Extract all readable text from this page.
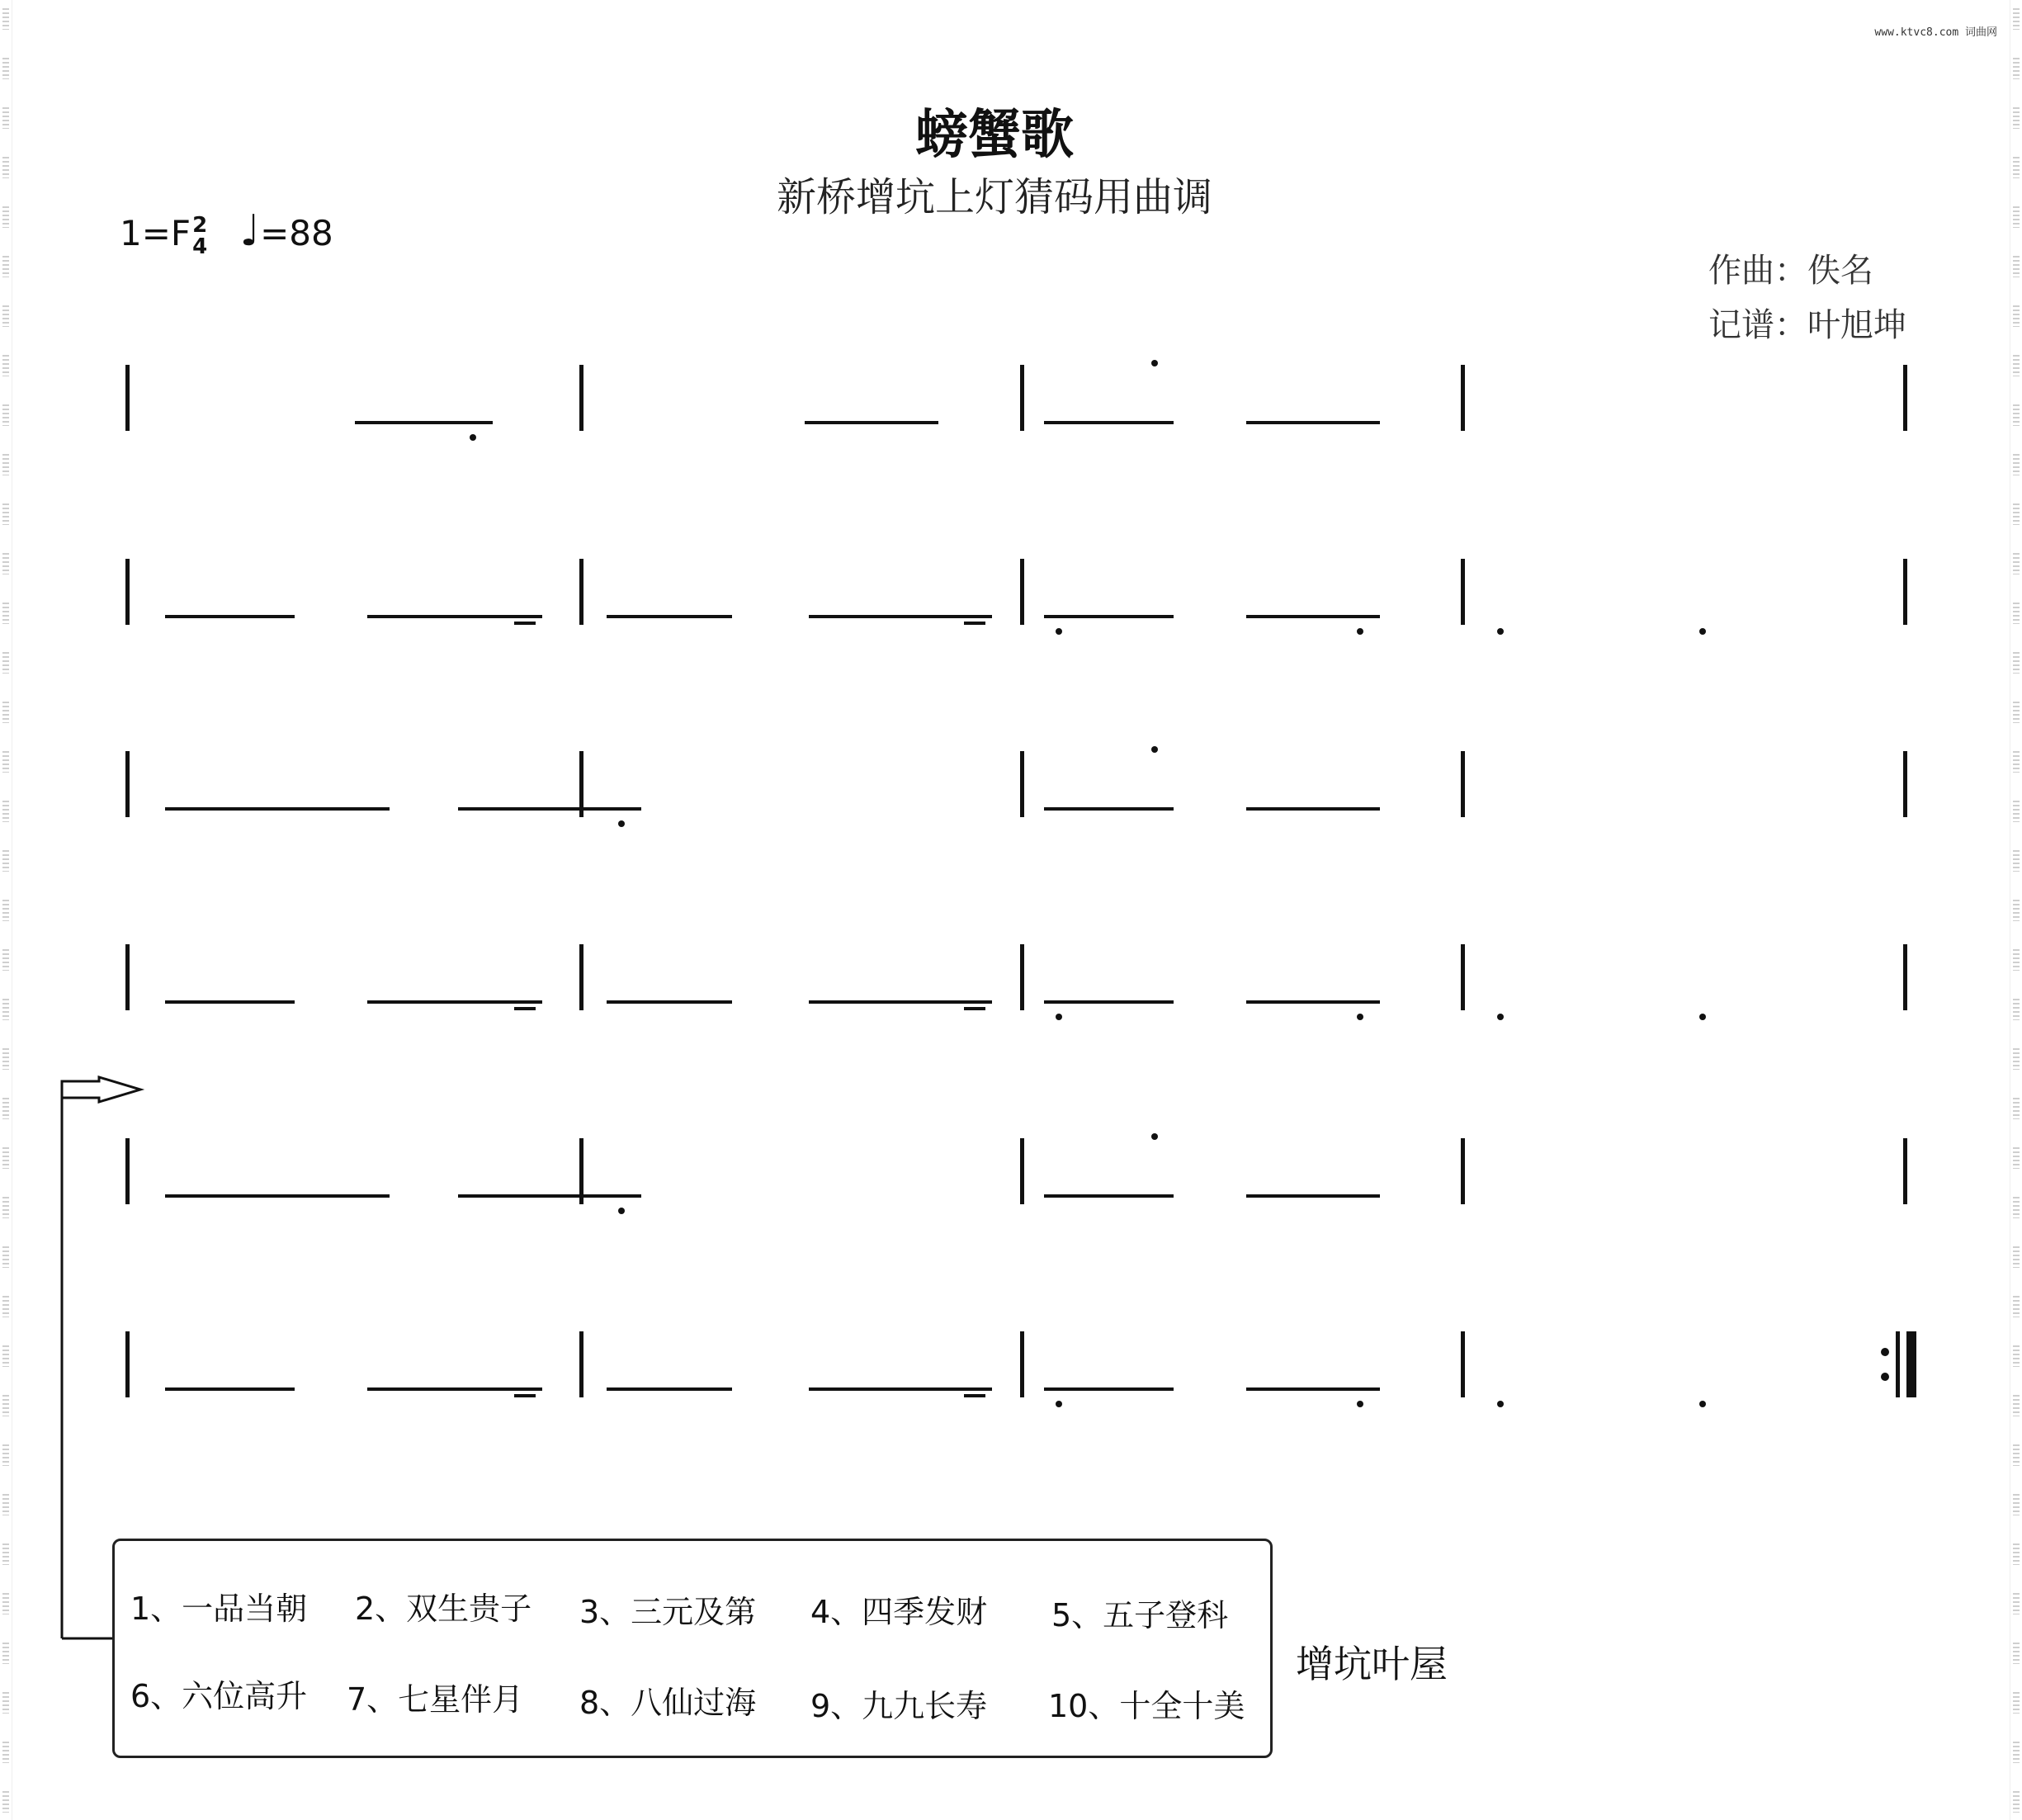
www.ktvc8.com 词曲网
螃蟹歌
新桥增坑上灯猜码用曲调
1=F2
4 ♩=88
作曲：佚名
记谱：叶旭坤
增坑叶屋
1、一品当朝 2、双生贵子 3、三元及第 4、四季发财 5、五子登科
6、六位高升 7、七星伴月 8、八仙过海 9、九九长寿 10、十全十美
